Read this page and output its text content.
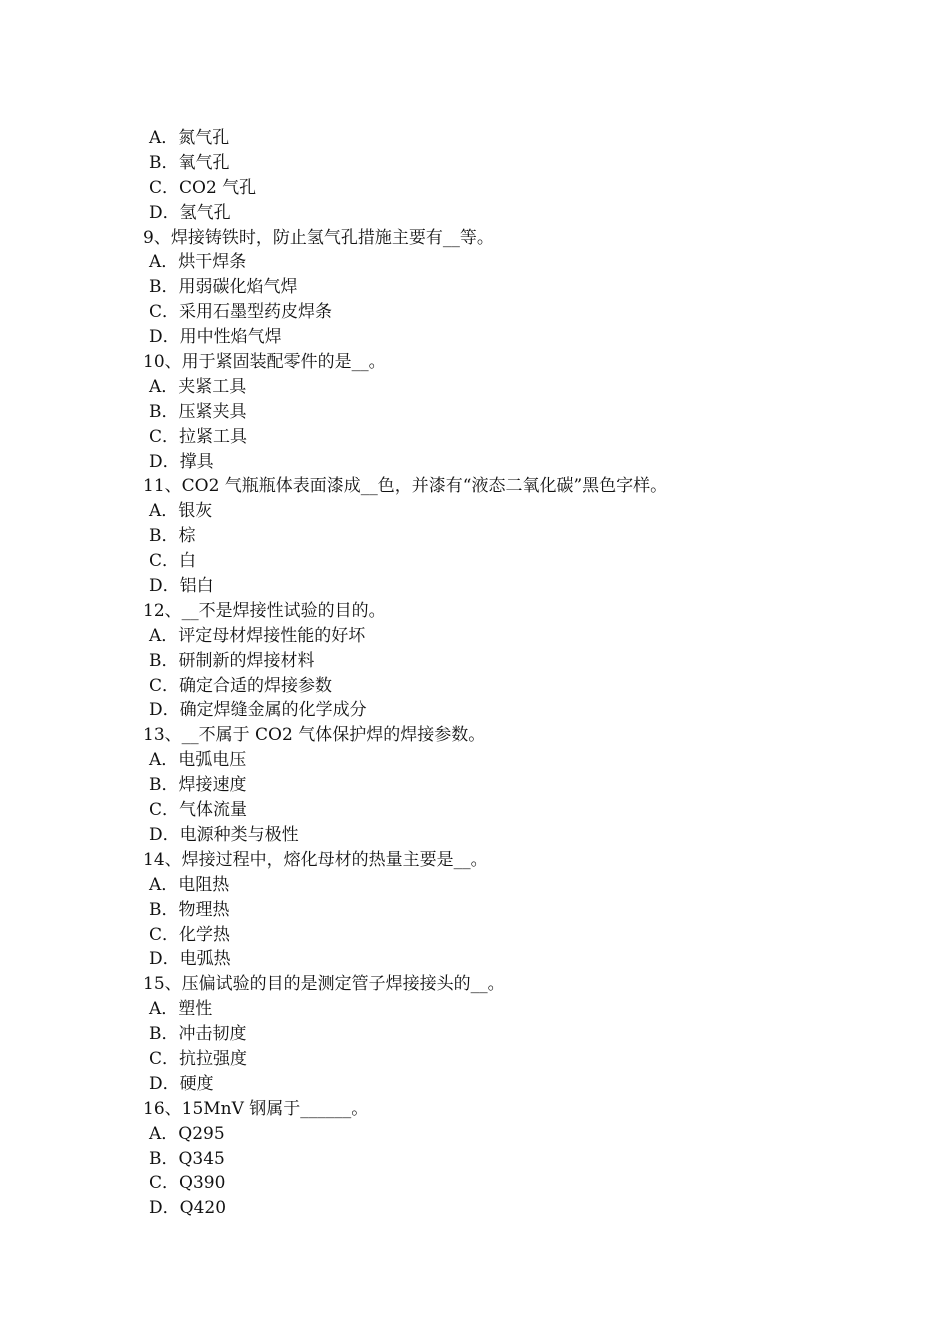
A．氮气孔
B．氧气孔
C．CO2 气孔
D．氢气孔
9、焊接铸铁时，防止氢气孔措施主要有__等。
A．烘干焊条
B．用弱碳化焰气焊
C．采用石墨型药皮焊条
D．用中性焰气焊
10、用于紧固装配零件的是__。
A．夹紧工具
B．压紧夹具
C．拉紧工具
D．撑具
11、CO2 气瓶瓶体表面漆成__色，并漆有“液态二氧化碳”黑色字样。
A．银灰
B．棕
C．白
D．铝白
12、__不是焊接性试验的目的。
A．评定母材焊接性能的好坏
B．研制新的焊接材料
C．确定合适的焊接参数
D．确定焊缝金属的化学成分
13、__不属于 CO2 气体保护焊的焊接参数。
A．电弧电压
B．焊接速度
C．气体流量
D．电源种类与极性
14、焊接过程中，熔化母材的热量主要是__。
A．电阻热
B．物理热
C．化学热
D．电弧热
15、压偏试验的目的是测定管子焊接接头的__。
A．塑性
B．冲击韧度
C．抗拉强度
D．硬度
16、15MnV 钢属于______。
A．Q295
B．Q345
C．Q390
D．Q420
